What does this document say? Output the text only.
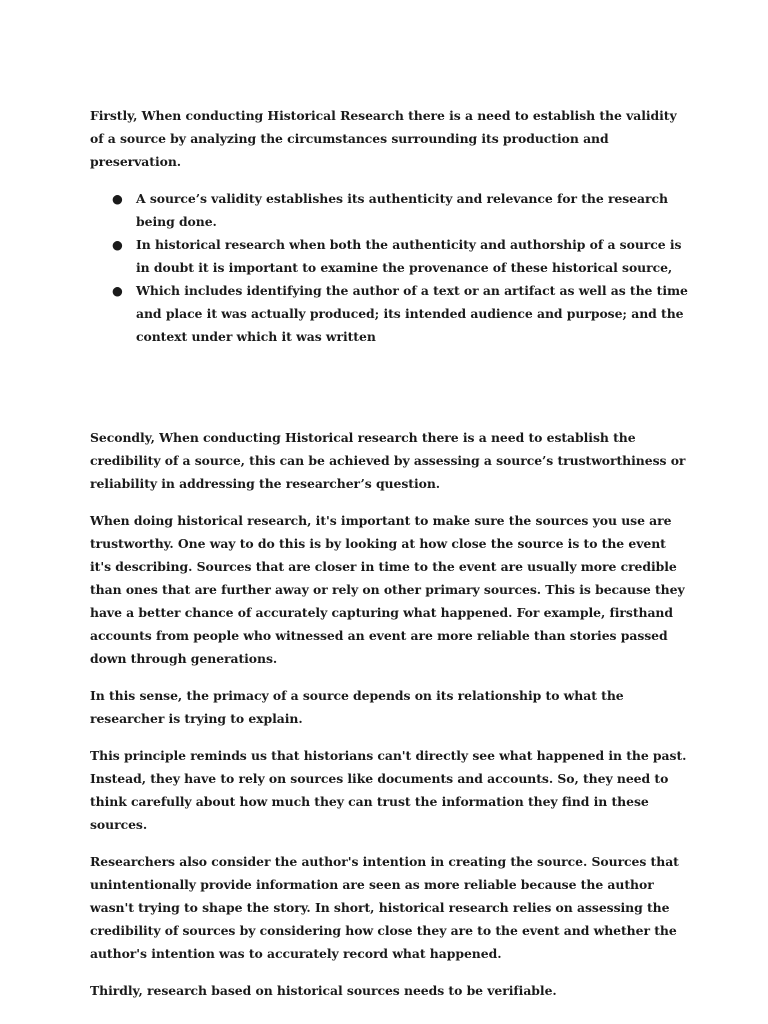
Firstly, When conducting Historical Research there is a need to establish the validity of a source by analyzing the circumstances surrounding its production and preservation.

● A source’s validity establishes its authenticity and relevance for the research being done.
● In historical research when both the authenticity and authorship of a source is in doubt it is important to examine the provenance of these historical source,
● Which includes identifying the author of a text or an artifact as well as the time and place it was actually produced; its intended audience and purpose; and the context under which it was written

Secondly, When conducting Historical research there is a need to establish the credibility of a source, this can be achieved by assessing a source’s trustworthiness or reliability in addressing the researcher’s question.

When doing historical research, it's important to make sure the sources you use are trustworthy. One way to do this is by looking at how close the source is to the event it's describing. Sources that are closer in time to the event are usually more credible than ones that are further away or rely on other primary sources. This is because they have a better chance of accurately capturing what happened. For example, firsthand accounts from people who witnessed an event are more reliable than stories passed down through generations.

In this sense, the primacy of a source depends on its relationship to what the researcher is trying to explain.

This principle reminds us that historians can't directly see what happened in the past. Instead, they have to rely on sources like documents and accounts. So, they need to think carefully about how much they can trust the information they find in these sources.

Researchers also consider the author's intention in creating the source. Sources that unintentionally provide information are seen as more reliable because the author wasn't trying to shape the story. In short, historical research relies on assessing the credibility of sources by considering how close they are to the event and whether the author's intention was to accurately record what happened.

Thirdly, research based on historical sources needs to be verifiable.
